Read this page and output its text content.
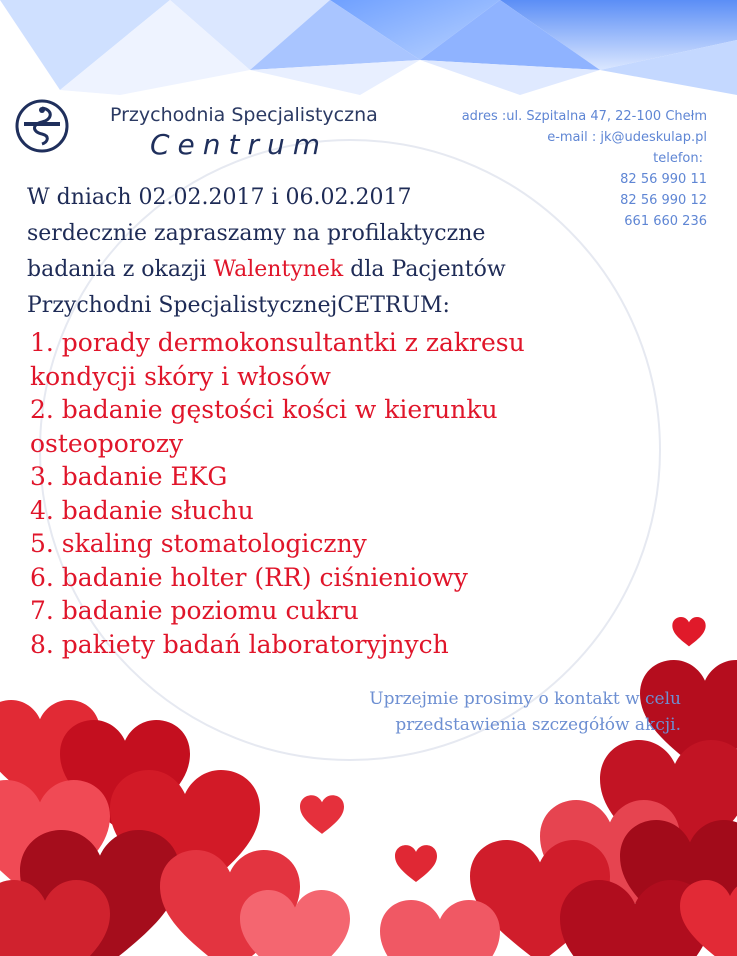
Przychodnia Specjalistyczna
Centrum
adres :ul. Szpitalna 47, 22-100 Chełm
e-mail : jk@udeskulap.pl
telefon:
82 56 990 11
82 56 990 12
661 660 236
W dniach 02.02.2017 i 06.02.2017
serdecznie zapraszamy na profilaktyczne
badania z okazji Walentynek dla Pacjentów
Przychodni SpecjalistycznejCETRUM:
1. porady dermokonsultantki z zakresu
kondycji skóry i włosów
2. badanie gęstości kości w kierunku
osteoporozy
3. badanie EKG
4. badanie słuchu
5. skaling stomatologiczny
6. badanie holter (RR) ciśnieniowy
7. badanie poziomu cukru
8. pakiety badań laboratoryjnych
Uprzejmie prosimy o kontakt w celu
przedstawienia szczegółów akcji.
